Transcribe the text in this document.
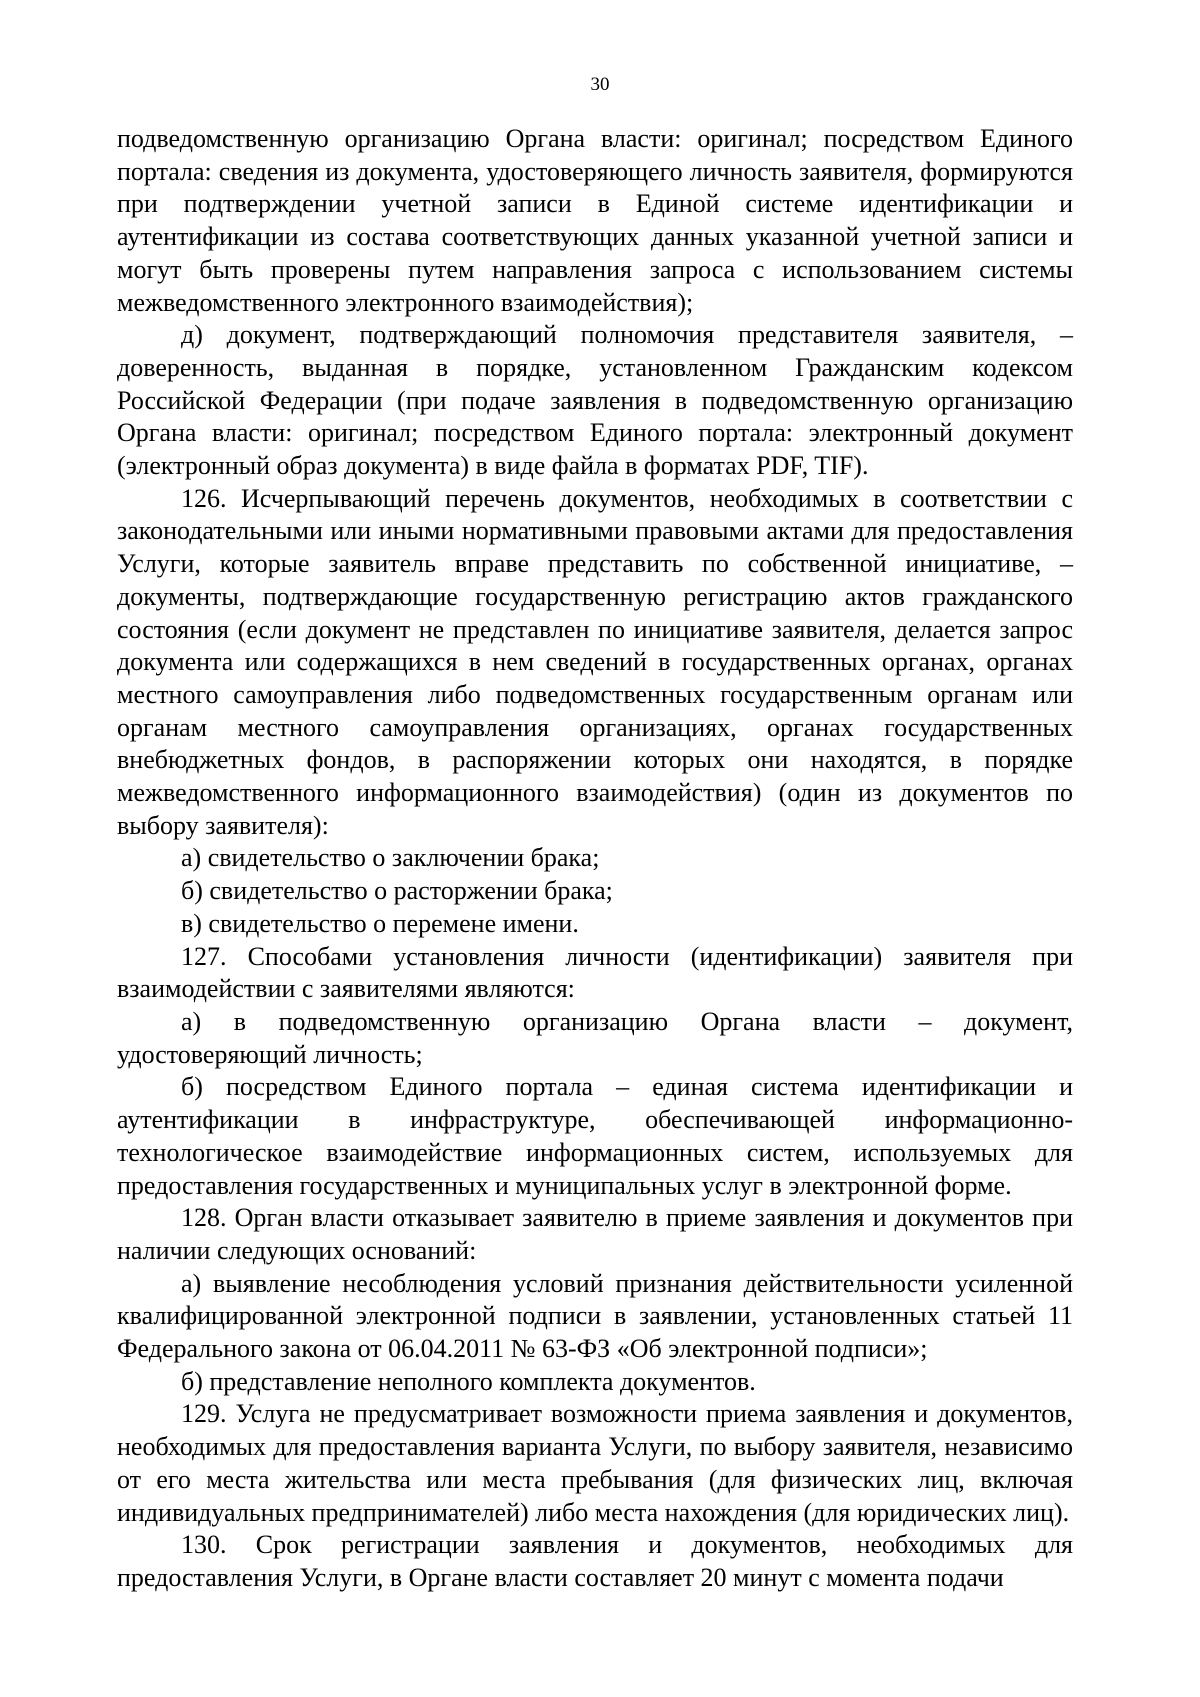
30

подведомственную организацию Органа власти: оригинал; посредством Единого портала: сведения из документа, удостоверяющего личность заявителя, формируются при подтверждении учетной записи в Единой системе идентификации и аутентификации из состава соответствующих данных указанной учетной записи и могут быть проверены путем направления запроса с использованием системы межведомственного электронного взаимодействия);

д) документ, подтверждающий полномочия представителя заявителя, – доверенность, выданная в порядке, установленном Гражданским кодексом Российской Федерации (при подаче заявления в подведомственную организацию Органа власти: оригинал; посредством Единого портала: электронный документ (электронный образ документа) в виде файла в форматах PDF, TIF).

126. Исчерпывающий перечень документов, необходимых в соответствии с законодательными или иными нормативными правовыми актами для предоставления Услуги, которые заявитель вправе представить по собственной инициативе, – документы, подтверждающие государственную регистрацию актов гражданского состояния (если документ не представлен по инициативе заявителя, делается запрос документа или содержащихся в нем сведений в государственных органах, органах местного самоуправления либо подведомственных государственным органам или органам местного самоуправления организациях, органах государственных внебюджетных фондов, в распоряжении которых они находятся, в порядке межведомственного информационного взаимодействия) (один из документов по выбору заявителя):

а) свидетельство о заключении брака;

б) свидетельство о расторжении брака;

в) свидетельство о перемене имени.

127. Способами установления личности (идентификации) заявителя при взаимодействии с заявителями являются:

а) в подведомственную организацию Органа власти – документ, удостоверяющий личность;

б) посредством Единого портала – единая система идентификации и аутентификации в инфраструктуре, обеспечивающей информационно-технологическое взаимодействие информационных систем, используемых для предоставления государственных и муниципальных услуг в электронной форме.

128. Орган власти отказывает заявителю в приеме заявления и документов при наличии следующих оснований:

а) выявление несоблюдения условий признания действительности усиленной квалифицированной электронной подписи в заявлении, установленных статьей 11 Федерального закона от 06.04.2011 № 63-ФЗ «Об электронной подписи»;

б) представление неполного комплекта документов.

129. Услуга не предусматривает возможности приема заявления и документов, необходимых для предоставления варианта Услуги, по выбору заявителя, независимо от его места жительства или места пребывания (для физических лиц, включая индивидуальных предпринимателей) либо места нахождения (для юридических лиц).

130. Срок регистрации заявления и документов, необходимых для предоставления Услуги, в Органе власти составляет 20 минут с момента подачи
